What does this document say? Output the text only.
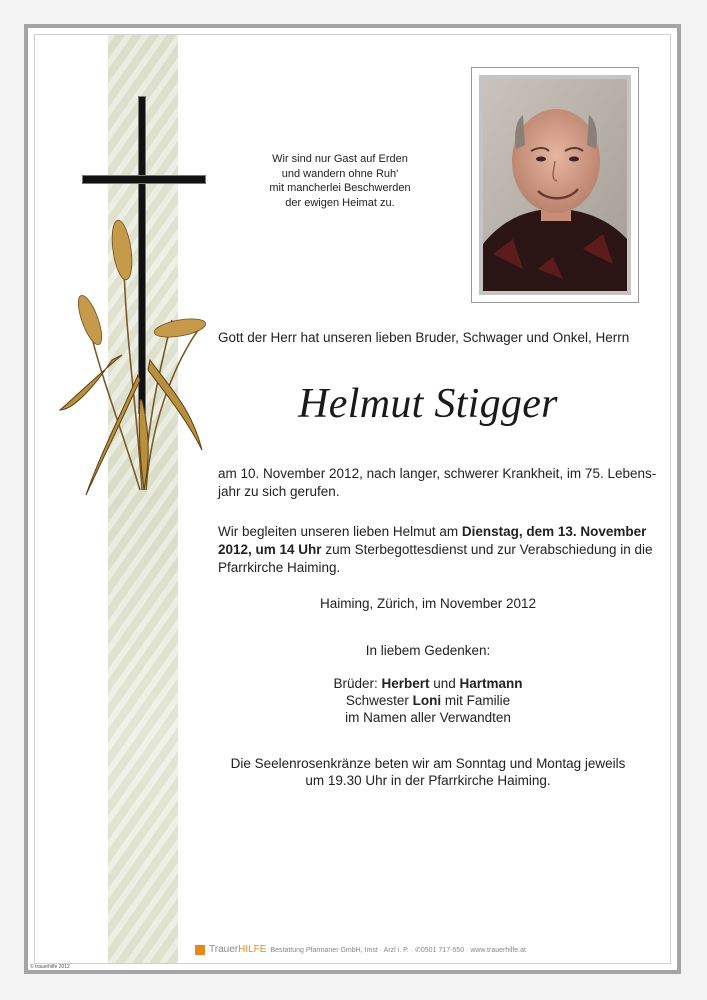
Wir sind nur Gast auf Erden
und wandern ohne Ruh'
mit mancherlei Beschwerden
der ewigen Heimat zu.
Gott der Herr hat unseren lieben Bruder, Schwager und Onkel, Herrn
Helmut Stigger
am 10. November 2012, nach langer, schwerer Krankheit, im 75. Lebens-
jahr zu sich gerufen.
Wir begleiten unseren lieben Helmut am Dienstag, dem 13. November
2012, um 14 Uhr zum Sterbegottesdienst und zur Verabschiedung in die
Pfarrkirche Haiming.
Haiming, Zürich, im November 2012
In liebem Gedenken:
Brüder: Herbert und Hartmann
Schwester Loni mit Familie
im Namen aller Verwandten
Die Seelenrosenkränze beten wir am Sonntag und Montag jeweils
um 19.30 Uhr in der Pfarrkirche Haiming.
TrauerHILFE Bestattung Pfarmaner GmbH, Imst · Arzl i. P. · ✆0501 717-550 · www.trauerhilfe.at
© trauerhilfe 2012
